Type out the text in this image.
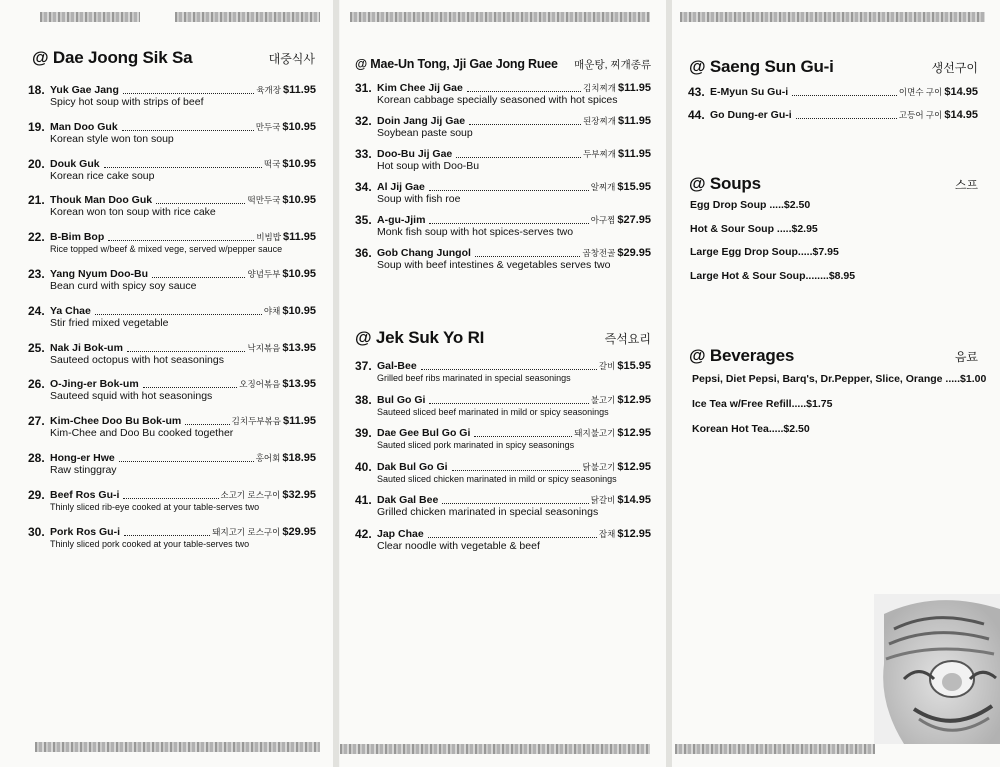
@ Dae Joong Sik Sa	대중식사
18. Yuk Gae Jang	육개장 $11.95
Spicy hot soup with strips of beef
19. Man Doo Guk	만두국 $10.95
Korean style won ton soup
20. Douk Guk	떡국 $10.95
Korean rice cake soup
21. Thouk Man Doo Guk	떡만두국 $10.95
Korean won ton soup with rice cake
22. B-Bim Bop	비빔밥 $11.95
Rice topped w/beef & mixed vege, served w/pepper sauce
23. Yang Nyum Doo-Bu	양념두부 $10.95
Bean curd with spicy soy sauce
24. Ya Chae	야채 $10.95
Stir fried mixed vegetable
25. Nak Ji Bok-um	낙지볶음 $13.95
Sauteed octopus with hot seasonings
26. O-Jing-er Bok-um	오징어볶음 $13.95
Sauteed squid with hot seasonings
27. Kim-Chee Doo Bu Bok-um	김치두부볶음 $11.95
Kim-Chee and Doo Bu cooked together
28. Hong-er Hwe	홍어회 $18.95
Raw stinggray
29. Beef Ros Gu-i	소고기 로스구이 $32.95
Thinly sliced rib-eye cooked at your table-serves two
30. Pork Ros Gu-i	돼지고기 로스구이 $29.95
Thinly sliced pork cooked at your table-serves two
@ Mae-Un Tong, Jji Gae Jong Ruee 매운탕, 찌개종류
31. Kim Chee Jij Gae	김치찌개 $11.95
Korean cabbage specially seasoned with hot spices
32. Doin Jang Jij Gae	된장찌개 $11.95
Soybean paste soup
33. Doo-Bu Jij Gae	두부찌개 $11.95
Hot soup with Doo-Bu
34. Al Jij Gae	알찌개 $15.95
Soup with fish roe
35. A-gu-Jjim	아구찜 $27.95
Monk fish soup with hot spices-serves two
36. Gob Chang Jungol	곱창전골 $29.95
Soup with beef intestines & vegetables serves two
@ Jek Suk Yo RI	즉석요리
37. Gal-Bee	갈비 $15.95
Grilled beef ribs marinated in special seasonings
38. Bul Go Gi	불고기 $12.95
Sauteed sliced beef marinated in mild or spicy seasonings
39. Dae Gee Bul Go Gi	돼지불고기 $12.95
Sauted sliced pork marinated in spicy seasonings
40. Dak Bul Go Gi	닭불고기 $12.95
Sauted sliced chicken marinated in mild or spicy seasonings
41. Dak Gal Bee	닭갈비 $14.95
Grilled chicken marinated in special seasonings
42. Jap Chae	잡채 $12.95
Clear noodle with vegetable & beef
@ Saeng Sun Gu-i	생선구이
43. E-Myun Su Gu-i	이면수 구이 $14.95
44. Go Dung-er Gu-i	고등어 구이 $14.95
@ Soups	스프
Egg Drop Soup .....$2.50
Hot & Sour Soup .....$2.95
Large Egg Drop Soup.....$7.95
Large Hot & Sour Soup........$8.95
@ Beverages	음료
Pepsi, Diet Pepsi, Barq's, Dr.Pepper, Slice, Orange .....$1.00
Ice Tea w/Free Refill.....$1.75
Korean Hot Tea.....$2.50
